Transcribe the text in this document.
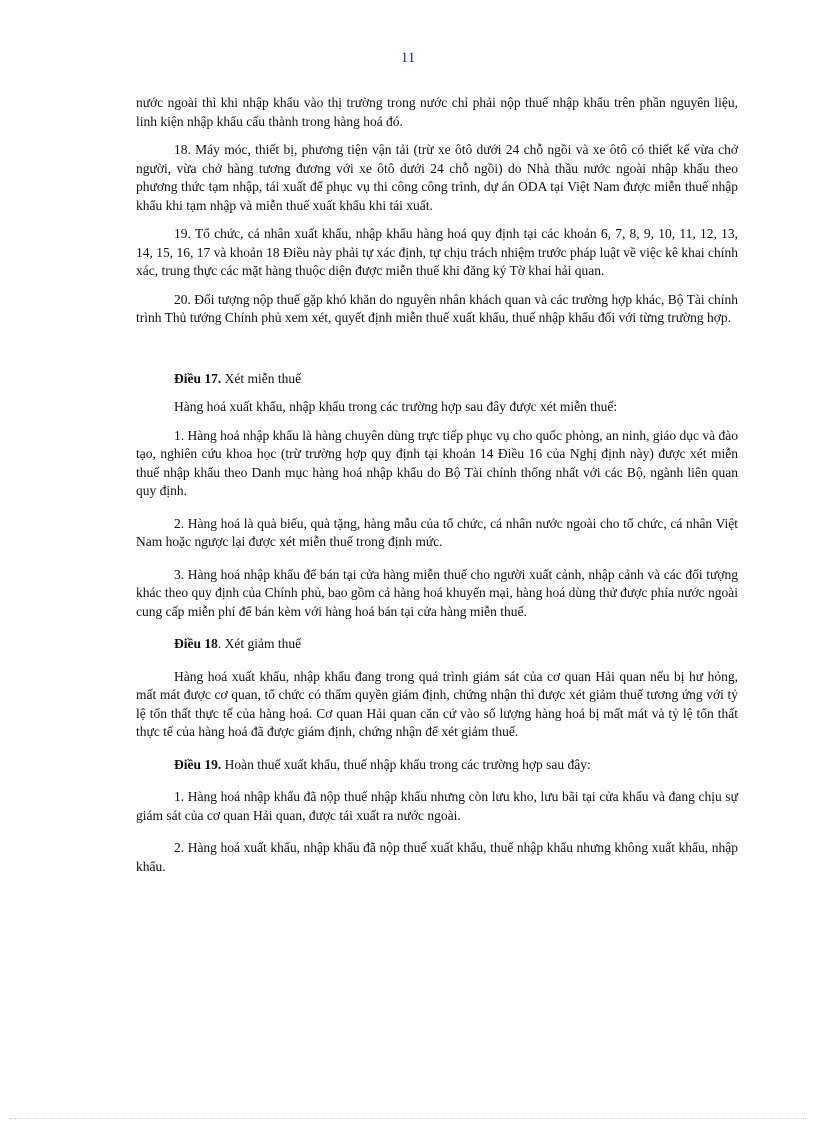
11

nước ngoài thì khi nhập khẩu vào thị trường trong nước chỉ phải nộp thuế nhập khẩu trên phần nguyên liệu, linh kiện nhập khẩu cấu thành trong hàng hoá đó.

18. Máy móc, thiết bị, phương tiện vận tải (trừ xe ôtô dưới 24 chỗ ngồi và xe ôtô có thiết kế vừa chở người, vừa chở hàng tương đương với xe ôtô dưới 24 chỗ ngồi) do Nhà thầu nước ngoài nhập khẩu theo phương thức tạm nhập, tái xuất để phục vụ thi công công trình, dự án ODA tại Việt Nam được miễn thuế nhập khẩu khi tạm nhập và miễn thuế xuất khẩu khi tái xuất.

19. Tổ chức, cá nhân xuất khẩu, nhập khẩu hàng hoá quy định tại các khoản 6, 7, 8, 9, 10, 11, 12, 13, 14, 15, 16, 17 và khoản 18 Điều này phải tự xác định, tự chịu trách nhiệm trước pháp luật về việc kê khai chính xác, trung thực các mặt hàng thuộc diện được miễn thuế khi đăng ký Tờ khai hải quan.

20. Đối tượng nộp thuế gặp khó khăn do nguyên nhân khách quan và các trường hợp khác, Bộ Tài chính trình Thủ tướng Chính phủ xem xét, quyết định miễn thuế xuất khẩu, thuế nhập khẩu đối với từng trường hợp.

Điều 17. Xét miễn thuế

Hàng hoá xuất khẩu, nhập khẩu trong các trường hợp sau đây được xét miễn thuế:

1. Hàng hoá nhập khẩu là hàng chuyên dùng trực tiếp phục vụ cho quốc phòng, an ninh, giáo dục và đào tạo, nghiên cứu khoa học (trừ trường hợp quy định tại khoản 14 Điều 16 của Nghị định này) được xét miễn thuế nhập khẩu theo Danh mục hàng hoá nhập khẩu do Bộ Tài chính thống nhất với các Bộ, ngành liên quan quy định.

2. Hàng hoá là quà biếu, quà tặng, hàng mẫu của tổ chức, cá nhân nước ngoài cho tổ chức, cá nhân Việt Nam hoặc ngược lại được xét miễn thuế trong định mức.

3. Hàng hoá nhập khẩu để bán tại cửa hàng miễn thuế cho người xuất cảnh, nhập cảnh và các đối tượng khác theo quy định của Chính phủ, bao gồm cả hàng hoá khuyến mại, hàng hoá dùng thử được phía nước ngoài cung cấp miễn phí để bán kèm với hàng hoá bán tại cửa hàng miễn thuế.

Điều 18. Xét giảm thuế

Hàng hoá xuất khẩu, nhập khẩu đang trong quá trình giám sát của cơ quan Hải quan nếu bị hư hỏng, mất mát được cơ quan, tổ chức có thẩm quyền giám định, chứng nhận thì được xét giảm thuế tương ứng với tỷ lệ tổn thất thực tế của hàng hoá. Cơ quan Hải quan căn cứ vào số lượng hàng hoá bị mất mát và tỷ lệ tổn thất thực tế của hàng hoá đã được giám định, chứng nhận để xét giảm thuế.

Điều 19. Hoàn thuế xuất khẩu, thuế nhập khẩu trong các trường hợp sau đây:

1. Hàng hoá nhập khẩu đã nộp thuế nhập khẩu nhưng còn lưu kho, lưu bãi tại cửa khẩu và đang chịu sự giám sát của cơ quan Hải quan, được tái xuất ra nước ngoài.

2. Hàng hoá xuất khẩu, nhập khẩu đã nộp thuế xuất khẩu, thuế nhập khẩu nhưng không xuất khẩu, nhập khẩu.
